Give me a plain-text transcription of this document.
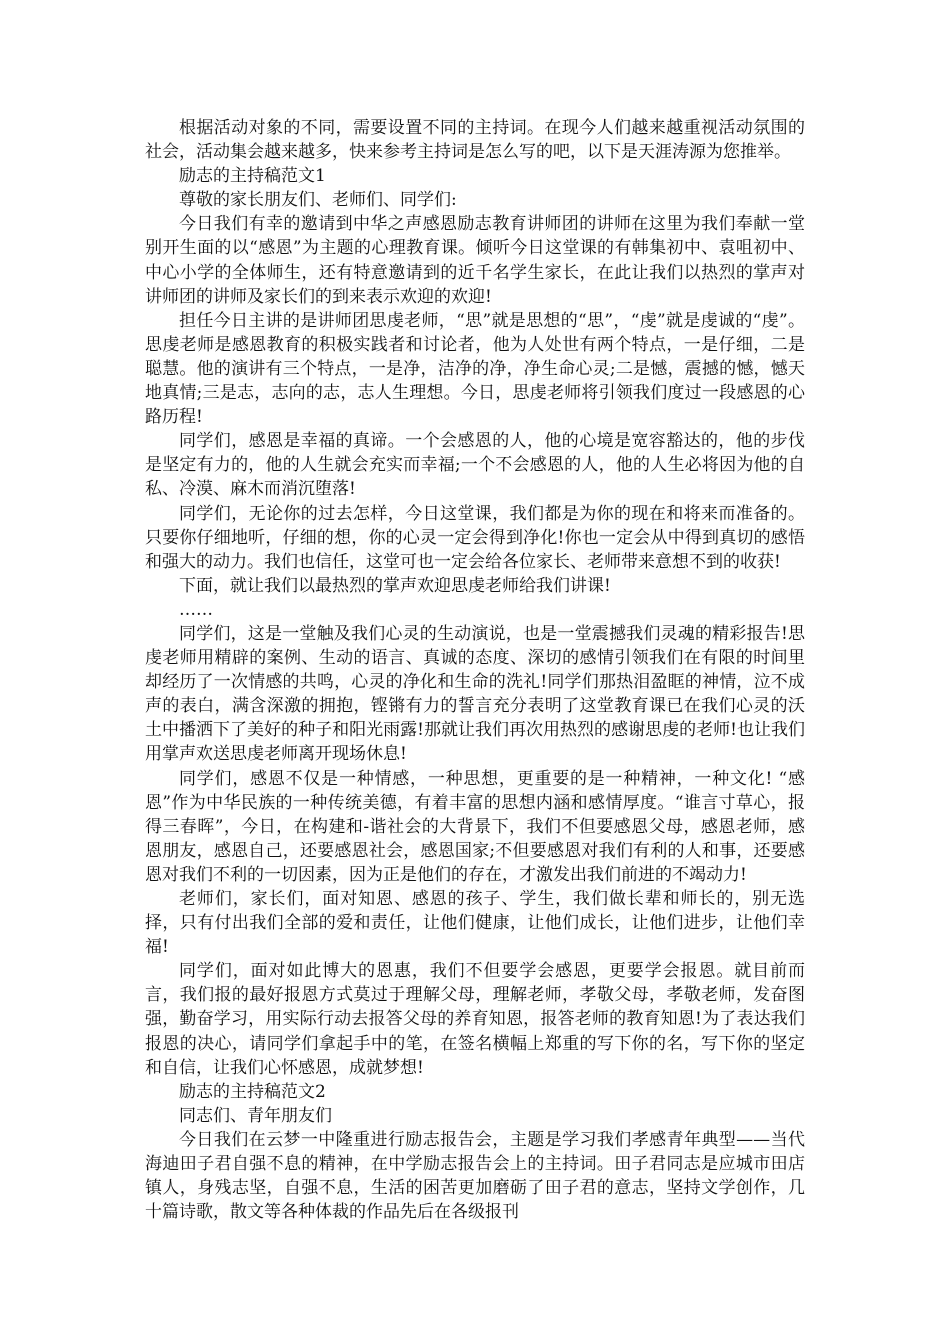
根据活动对象的不同，需要设置不同的主持词。在现今人们越来越重视活动氛围的社会，活动集会越来越多，快来参考主持词是怎么写的吧，以下是天涯涛源为您推举。

励志的主持稿范文1

尊敬的家长朋友们、老师们、同学们:

今日我们有幸的邀请到中华之声感恩励志教育讲师团的讲师在这里为我们奉献一堂别开生面的以“感恩”为主题的心理教育课。倾听今日这堂课的有韩集初中、袁咀初中、中心小学的全体师生，还有特意邀请到的近千名学生家长，在此让我们以热烈的掌声对讲师团的讲师及家长们的到来表示欢迎的欢迎!

担任今日主讲的是讲师团思虔老师，“思”就是思想的“思”，“虔”就是虔诚的“虔”。思虔老师是感恩教育的积极实践者和讨论者，他为人处世有两个特点，一是仔细，二是聪慧。他的演讲有三个特点，一是净，洁净的净，净生命心灵;二是憾，震撼的憾，憾天地真情;三是志，志向的志，志人生理想。今日，思虔老师将引领我们度过一段感恩的心路历程!

同学们，感恩是幸福的真谛。一个会感恩的人，他的心境是宽容豁达的，他的步伐是坚定有力的，他的人生就会充实而幸福;一个不会感恩的人，他的人生必将因为他的自私、冷漠、麻木而消沉堕落!

同学们，无论你的过去怎样，今日这堂课，我们都是为你的现在和将来而准备的。只要你仔细地听，仔细的想，你的心灵一定会得到净化!你也一定会从中得到真切的感悟和强大的动力。我们也信任，这堂可也一定会给各位家长、老师带来意想不到的收获!

下面，就让我们以最热烈的掌声欢迎思虔老师给我们讲课!

……

同学们，这是一堂触及我们心灵的生动演说，也是一堂震撼我们灵魂的精彩报告!思虔老师用精辟的案例、生动的语言、真诚的态度、深切的感情引领我们在有限的时间里却经历了一次情感的共鸣，心灵的净化和生命的洗礼!同学们那热泪盈眶的神情，泣不成声的表白，满含深激的拥抱，铿锵有力的誓言充分表明了这堂教育课已在我们心灵的沃土中播洒下了美好的种子和阳光雨露!那就让我们再次用热烈的感谢思虔的老师!也让我们用掌声欢送思虔老师离开现场休息!

同学们，感恩不仅是一种情感，一种思想，更重要的是一种精神，一种文化! “感恩”作为中华民族的一种传统美德，有着丰富的思想内涵和感情厚度。“谁言寸草心，报得三春晖”，今日，在构建和-谐社会的大背景下，我们不但要感恩父母，感恩老师，感恩朋友，感恩自己，还要感恩社会，感恩国家;不但要感恩对我们有利的人和事，还要感恩对我们不利的一切因素，因为正是他们的存在，才激发出我们前进的不竭动力!

老师们，家长们，面对知恩、感恩的孩子、学生，我们做长辈和师长的，别无选择，只有付出我们全部的爱和责任，让他们健康，让他们成长，让他们进步，让他们幸福!

同学们，面对如此博大的恩惠，我们不但要学会感恩，更要学会报恩。就目前而言，我们报的最好报恩方式莫过于理解父母，理解老师，孝敬父母，孝敬老师，发奋图强，勤奋学习，用实际行动去报答父母的养育知恩，报答老师的教育知恩!为了表达我们报恩的决心，请同学们拿起手中的笔，在签名横幅上郑重的写下你的名，写下你的坚定和自信，让我们心怀感恩，成就梦想!

励志的主持稿范文2

同志们、青年朋友们

今日我们在云梦一中隆重进行励志报告会，主题是学习我们孝感青年典型——当代海迪田子君自强不息的精神，在中学励志报告会上的主持词。田子君同志是应城市田店镇人，身残志坚，自强不息，生活的困苦更加磨砺了田子君的意志，坚持文学创作，几十篇诗歌，散文等各种体裁的作品先后在各级报刊
